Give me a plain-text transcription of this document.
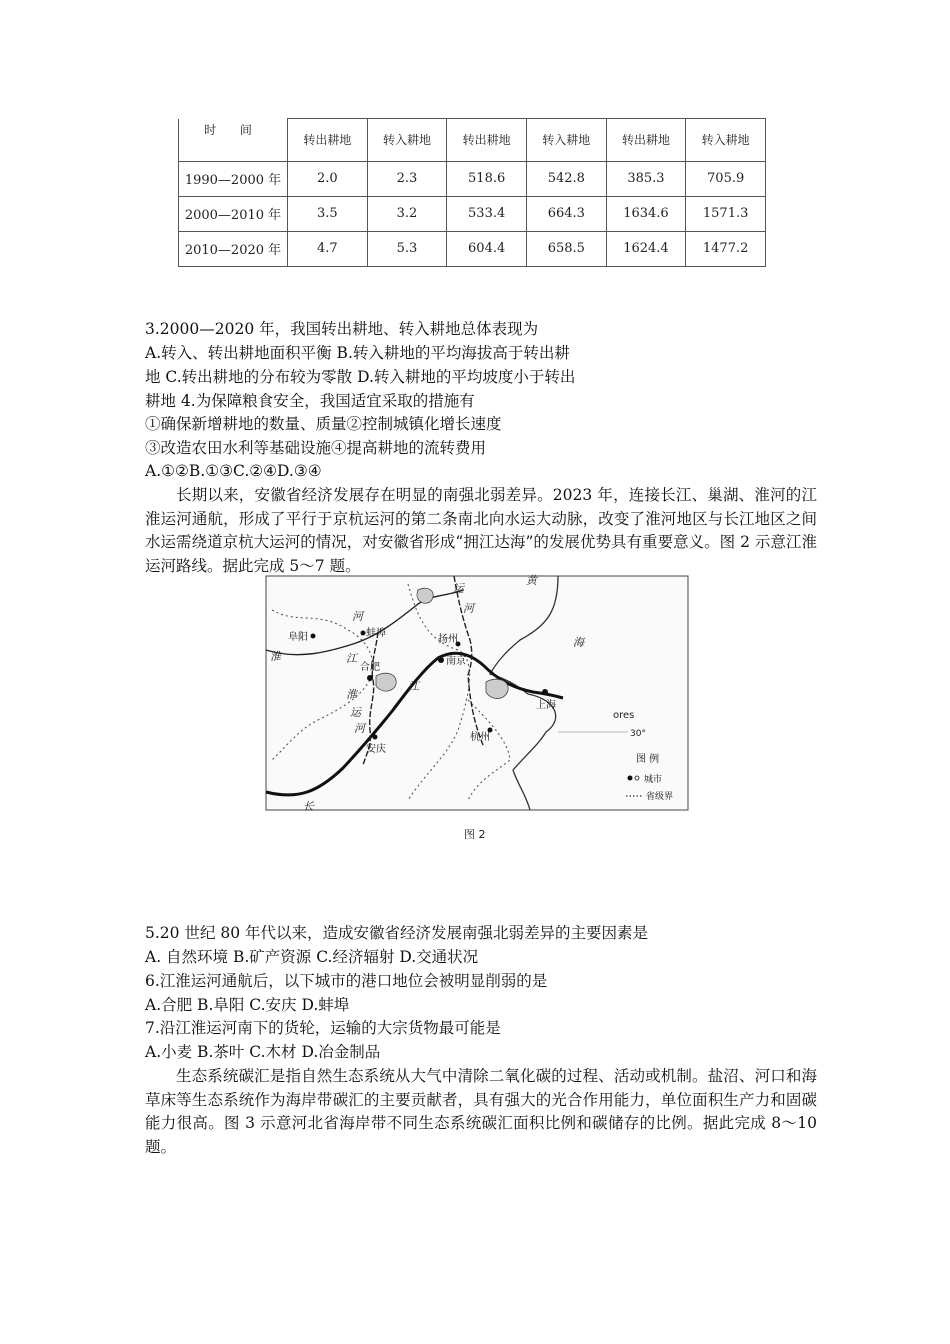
时 间	转出耕地	转入耕地	转出耕地	转入耕地	转出耕地	转入耕地
1990—2000 年	2.0	2.3	518.6	542.8	385.3	705.9
2000—2010 年	3.5	3.2	533.4	664.3	1634.6	1571.3
2010—2020 年	4.7	5.3	604.4	658.5	1624.4	1477.2
3.2000—2020 年，我国转出耕地、转入耕地总体表现为
A.转入、转出耕地面积平衡 B.转入耕地的平均海拔高于转出耕
地 C.转出耕地的分布较为零散 D.转入耕地的平均坡度小于转出
耕地 4.为保障粮食安全，我国适宜采取的措施有
①确保新增耕地的数量、质量②控制城镇化增长速度
③改造农田水利等基础设施④提高耕地的流转费用
A.①②B.①③C.②④D.③④
长期以来，安徽省经济发展存在明显的南强北弱差异。2023 年，连接长江、巢湖、淮河的江淮运河通航，形成了平行于京杭运河的第二条南北向水运大动脉，改变了淮河地区与长江地区之间水运需绕道京杭大运河的情况，对安徽省形成“拥江达海”的发展优势具有重要意义。图 2 示意江淮运河路线。据此完成 5～7 题。
阜阳	蚌埠
合肥
安庆
南京
扬州
上海
杭州
淮
河
江
淮
运
河
江
运
河
长
黄
海
ores
30°
图 例
城市
省级界
图 2
5.20 世纪 80 年代以来，造成安徽省经济发展南强北弱差异的主要因素是
A. 自然环境 B.矿产资源 C.经济辐射 D.交通状况
6.江淮运河通航后，以下城市的港口地位会被明显削弱的是
A.合肥 B.阜阳 C.安庆 D.蚌埠
7.沿江淮运河南下的货轮，运输的大宗货物最可能是
A.小麦 B.茶叶 C.木材 D.冶金制品
生态系统碳汇是指自然生态系统从大气中清除二氧化碳的过程、活动或机制。盐沼、河口和海草床等生态系统作为海岸带碳汇的主要贡献者，具有强大的光合作用能力，单位面积生产力和固碳能力很高。图 3 示意河北省海岸带不同生态系统碳汇面积比例和碳储存的比例。据此完成 8～10 题。
